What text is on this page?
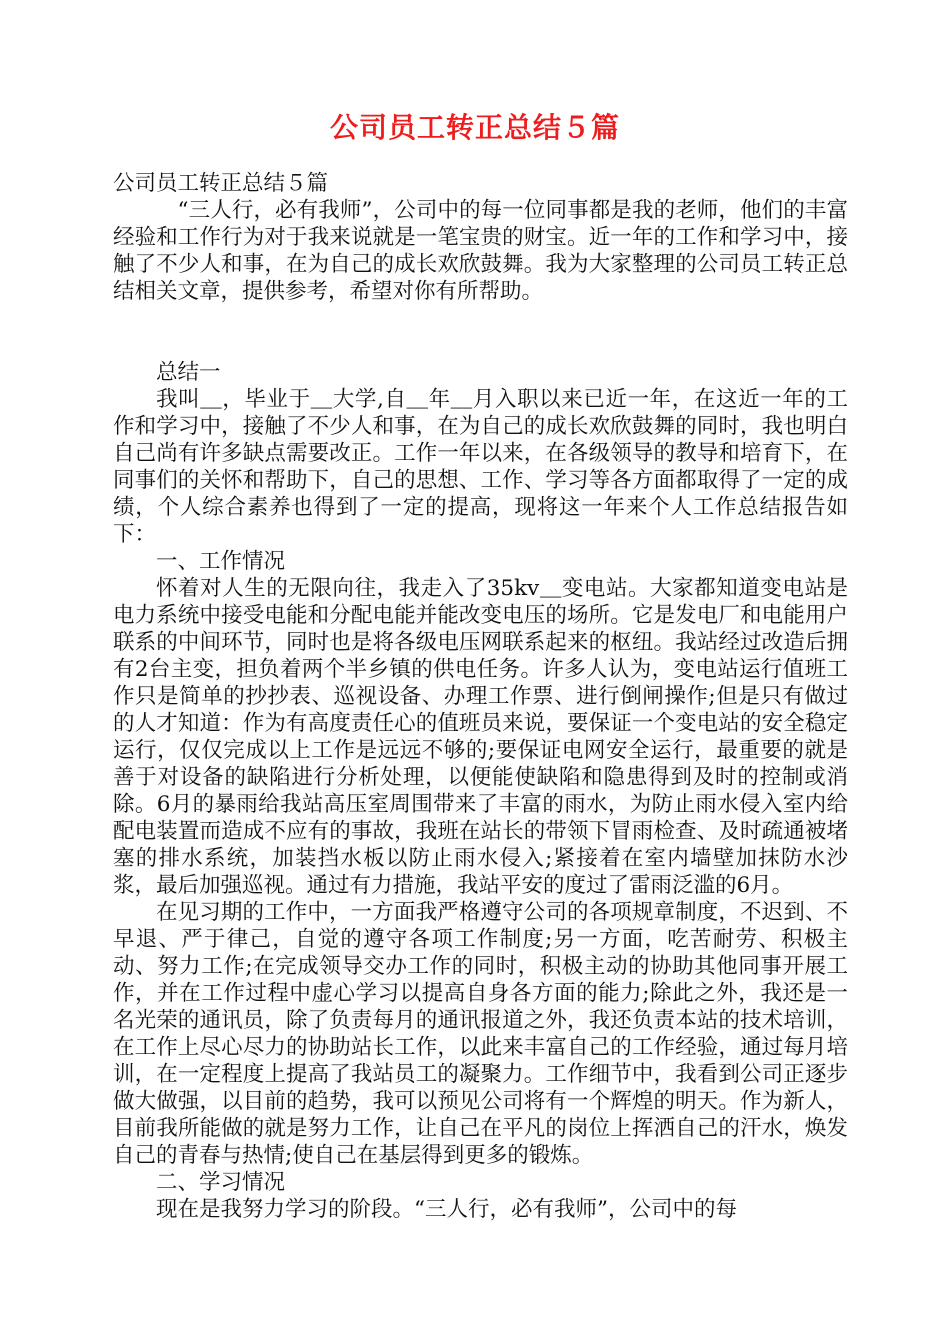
公司员工转正总结５篇

公司员工转正总结５篇

“三人行，必有我师”，公司中的每一位同事都是我的老师，他们的丰富经验和工作行为对于我来说就是一笔宝贵的财宝。近一年的工作和学习中，接触了不少人和事，在为自己的成长欢欣鼓舞。我为大家整理的公司员工转正总结相关文章，提供参考，希望对你有所帮助。

总结一

我叫＿，毕业于＿大学,自＿年＿月入职以来已近一年，在这近一年的工作和学习中，接触了不少人和事，在为自己的成长欢欣鼓舞的同时，我也明白自己尚有许多缺点需要改正。工作一年以来，在各级领导的教导和培育下，在同事们的关怀和帮助下，自己的思想、工作、学习等各方面都取得了一定的成绩，个人综合素养也得到了一定的提高，现将这一年来个人工作总结报告如下：

一、工作情况

怀着对人生的无限向往，我走入了35kv＿变电站。大家都知道变电站是电力系统中接受电能和分配电能并能改变电压的场所。它是发电厂和电能用户联系的中间环节，同时也是将各级电压网联系起来的枢纽。我站经过改造后拥有2台主变，担负着两个半乡镇的供电任务。许多人认为，变电站运行值班工作只是简单的抄抄表、巡视设备、办理工作票、进行倒闸操作;但是只有做过的人才知道：作为有高度责任心的值班员来说，要保证一个变电站的安全稳定运行，仅仅完成以上工作是远远不够的;要保证电网安全运行，最重要的就是善于对设备的缺陷进行分析处理，以便能使缺陷和隐患得到及时的控制或消除。6月的暴雨给我站高压室周围带来了丰富的雨水，为防止雨水侵入室内给配电装置而造成不应有的事故，我班在站长的带领下冒雨检查、及时疏通被堵塞的排水系统，加装挡水板以防止雨水侵入;紧接着在室内墙壁加抹防水沙浆，最后加强巡视。通过有力措施，我站平安的度过了雷雨泛滥的6月。

在见习期的工作中，一方面我严格遵守公司的各项规章制度，不迟到、不早退、严于律己，自觉的遵守各项工作制度;另一方面，吃苦耐劳、积极主动、努力工作;在完成领导交办工作的同时，积极主动的协助其他同事开展工作，并在工作过程中虚心学习以提高自身各方面的能力;除此之外，我还是一名光荣的通讯员，除了负责每月的通讯报道之外，我还负责本站的技术培训，在工作上尽心尽力的协助站长工作，以此来丰富自己的工作经验，通过每月培训，在一定程度上提高了我站员工的凝聚力。工作细节中，我看到公司正逐步做大做强，以目前的趋势，我可以预见公司将有一个辉煌的明天。作为新人，目前我所能做的就是努力工作，让自己在平凡的岗位上挥洒自己的汗水，焕发自己的青春与热情;使自己在基层得到更多的锻炼。

二、学习情况

现在是我努力学习的阶段。“三人行，必有我师”，公司中的每
